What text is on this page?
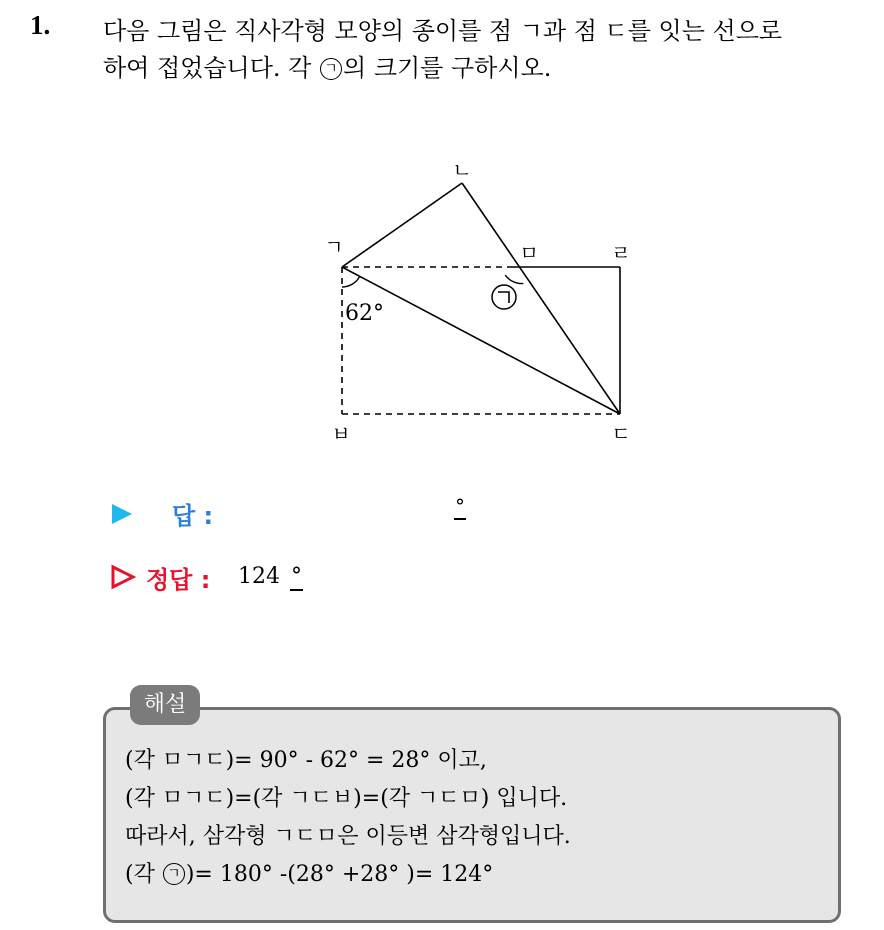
1. 다음 그림은 직사각형 모양의 종이를 점 ㄱ과 점 ㄷ를 잇는 선으로
하여 접었습니다. 각 ㄱ 의 크기를 구하시오.
ㄱ
ㄴ
ㅁ	ㄹ
ㄷ
ㅂ
62°
답 :	°
정답 : 124 °
해설
(각 ㅁㄱㄷ)= 90° - 62° = 28° 이고,
(각 ㅁㄱㄷ)=(각 ㄱㄷㅂ)=(각 ㄱㄷㅁ) 입니다.
따라서, 삼각형 ㄱㄷㅁ은 이등변 삼각형입니다.
(각 ㄱ )= 180° -(28° +28° )= 124°
